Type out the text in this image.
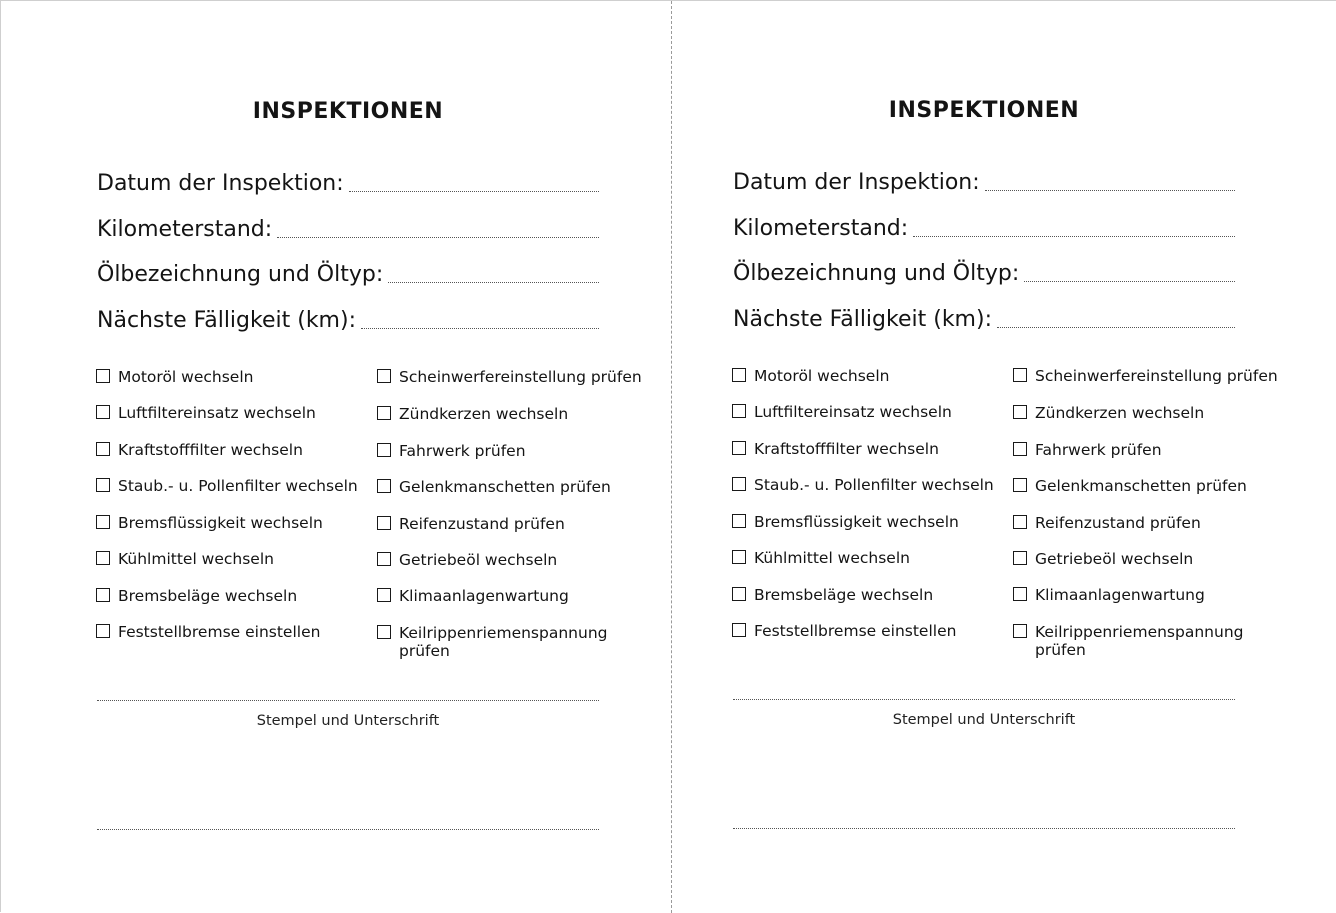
INSPEKTIONEN
Datum der Inspektion:
Kilometerstand:
Ölbezeichnung und Öltyp:
Nächste Fälligkeit (km):
Motoröl wechseln
Luftfiltereinsatz wechseln
Kraftstofffilter wechseln
Staub.- u. Pollenfilter wechseln
Bremsflüssigkeit wechseln
Kühlmittel wechseln
Bremsbeläge wechseln
Feststellbremse einstellen
Scheinwerfereinstellung prüfen
Zündkerzen wechseln
Fahrwerk prüfen
Gelenkmanschetten prüfen
Reifenzustand prüfen
Getriebeöl wechseln
Klimaanlagenwartung
Keilrippenriemenspannung prüfen
Stempel und Unterschrift
INSPEKTIONEN
Datum der Inspektion:
Kilometerstand:
Ölbezeichnung und Öltyp:
Nächste Fälligkeit (km):
Motoröl wechseln
Luftfiltereinsatz wechseln
Kraftstofffilter wechseln
Staub.- u. Pollenfilter wechseln
Bremsflüssigkeit wechseln
Kühlmittel wechseln
Bremsbeläge wechseln
Feststellbremse einstellen
Scheinwerfereinstellung prüfen
Zündkerzen wechseln
Fahrwerk prüfen
Gelenkmanschetten prüfen
Reifenzustand prüfen
Getriebeöl wechseln
Klimaanlagenwartung
Keilrippenriemenspannung prüfen
Stempel und Unterschrift
